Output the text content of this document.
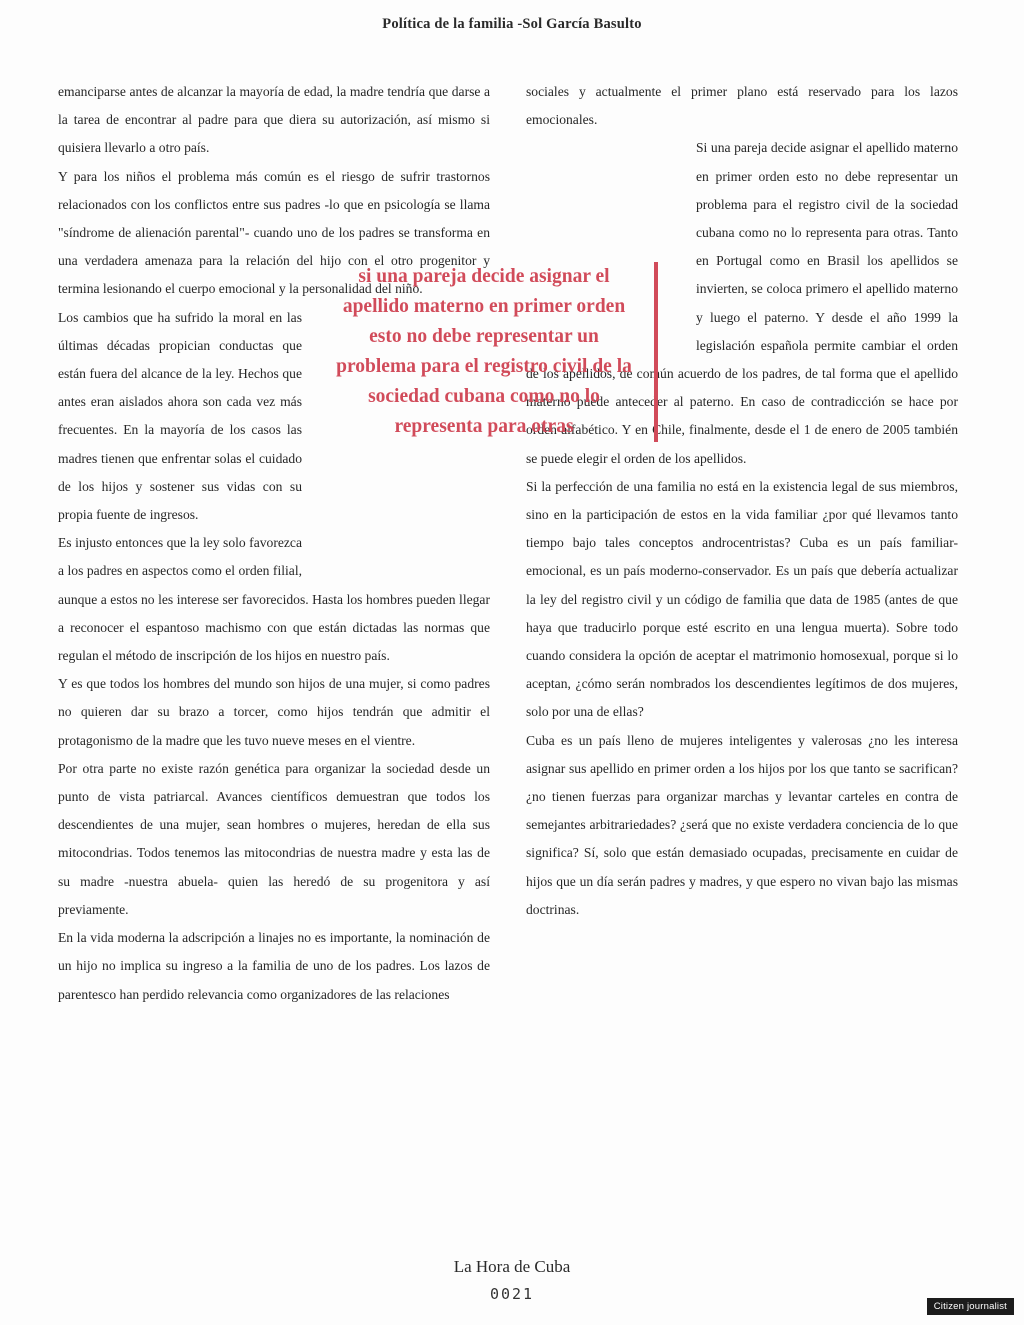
Política de la familia -Sol García Basulto

emanciparse antes de alcanzar la mayoría de edad, la madre tendría que darse a la tarea de encontrar al padre para que diera su autorización, así mismo si quisiera llevarlo a otro país.

Y para los niños el problema más común es el riesgo de sufrir trastornos relacionados con los conflictos entre sus padres -lo que en psicología se llama "síndrome de alienación parental"- cuando uno de los padres se transforma en una verdadera amenaza para la relación del hijo con el otro progenitor y termina lesionando el cuerpo emocional y la personalidad del niño.

Los cambios que ha sufrido la moral en las últimas décadas propician conductas que están fuera del alcance de la ley. Hechos que antes eran aislados ahora son cada vez más frecuentes. En la mayoría de los casos las madres tienen que enfrentar solas el cuidado de los hijos y sostener sus vidas con su propia fuente de ingresos.

Es injusto entonces que la ley solo favorezca a los padres en aspectos como el orden filial, aunque a estos no les interese ser favorecidos. Hasta los hombres pueden llegar a reconocer el espantoso machismo con que están dictadas las normas que regulan el método de inscripción de los hijos en nuestro país.

Y es que todos los hombres del mundo son hijos de una mujer, si como padres no quieren dar su brazo a torcer, como hijos tendrán que admitir el protagonismo de la madre que les tuvo nueve meses en el vientre.

Por otra parte no existe razón genética para organizar la sociedad desde un punto de vista patriarcal. Avances científicos demuestran que todos los descendientes de una mujer, sean hombres o mujeres, heredan de ella sus mitocondrias. Todos tenemos las mitocondrias de nuestra madre y esta las de su madre -nuestra abuela- quien las heredó de su progenitora y así previamente.

En la vida moderna la adscripción a linajes no es importante, la nominación de un hijo no implica su ingreso a la familia de uno de los padres. Los lazos de parentesco han perdido relevancia como organizadores de las relaciones

sociales y actualmente el primer plano está reservado para los lazos emocionales.

Si una pareja decide asignar el apellido materno en primer orden esto no debe representar un problema para el registro civil de la sociedad cubana como no lo representa para otras. Tanto en Portugal como en Brasil los apellidos se invierten, se coloca primero el apellido materno y luego el paterno. Y desde el año 1999 la legislación española permite cambiar el orden de los apellidos, de común acuerdo de los padres, de tal forma que el apellido materno puede anteceder al paterno. En caso de contradicción se hace por orden alfabético. Y en Chile, finalmente, desde el 1 de enero de 2005 también se puede elegir el orden de los apellidos.

Si la perfección de una familia no está en la existencia legal de sus miembros, sino en la participación de estos en la vida familiar ¿por qué llevamos tanto tiempo bajo tales conceptos androcentristas? Cuba es un país familiar-emocional, es un país moderno-conservador. Es un país que debería actualizar la ley del registro civil y un código de familia que data de 1985 (antes de que haya que traducirlo porque esté escrito en una lengua muerta). Sobre todo cuando considera la opción de aceptar el matrimonio homosexual, porque si lo aceptan, ¿cómo serán nombrados los descendientes legítimos de dos mujeres, solo por una de ellas?

Cuba es un país lleno de mujeres inteligentes y valerosas ¿no les interesa asignar sus apellido en primer orden a los hijos por los que tanto se sacrifican? ¿no tienen fuerzas para organizar marchas y levantar carteles en contra de semejantes arbitrariedades? ¿será que no existe verdadera conciencia de lo que significa? Sí, solo que están demasiado ocupadas, precisamente en cuidar de hijos que un día serán padres y madres, y que espero no vivan bajo las mismas doctrinas.

si una pareja decide asignar el apellido materno en primer orden esto no debe representar un problema para el registro civil de la sociedad cubana como no lo representa para otras
La Hora de Cuba
0021
Citizen journalist
